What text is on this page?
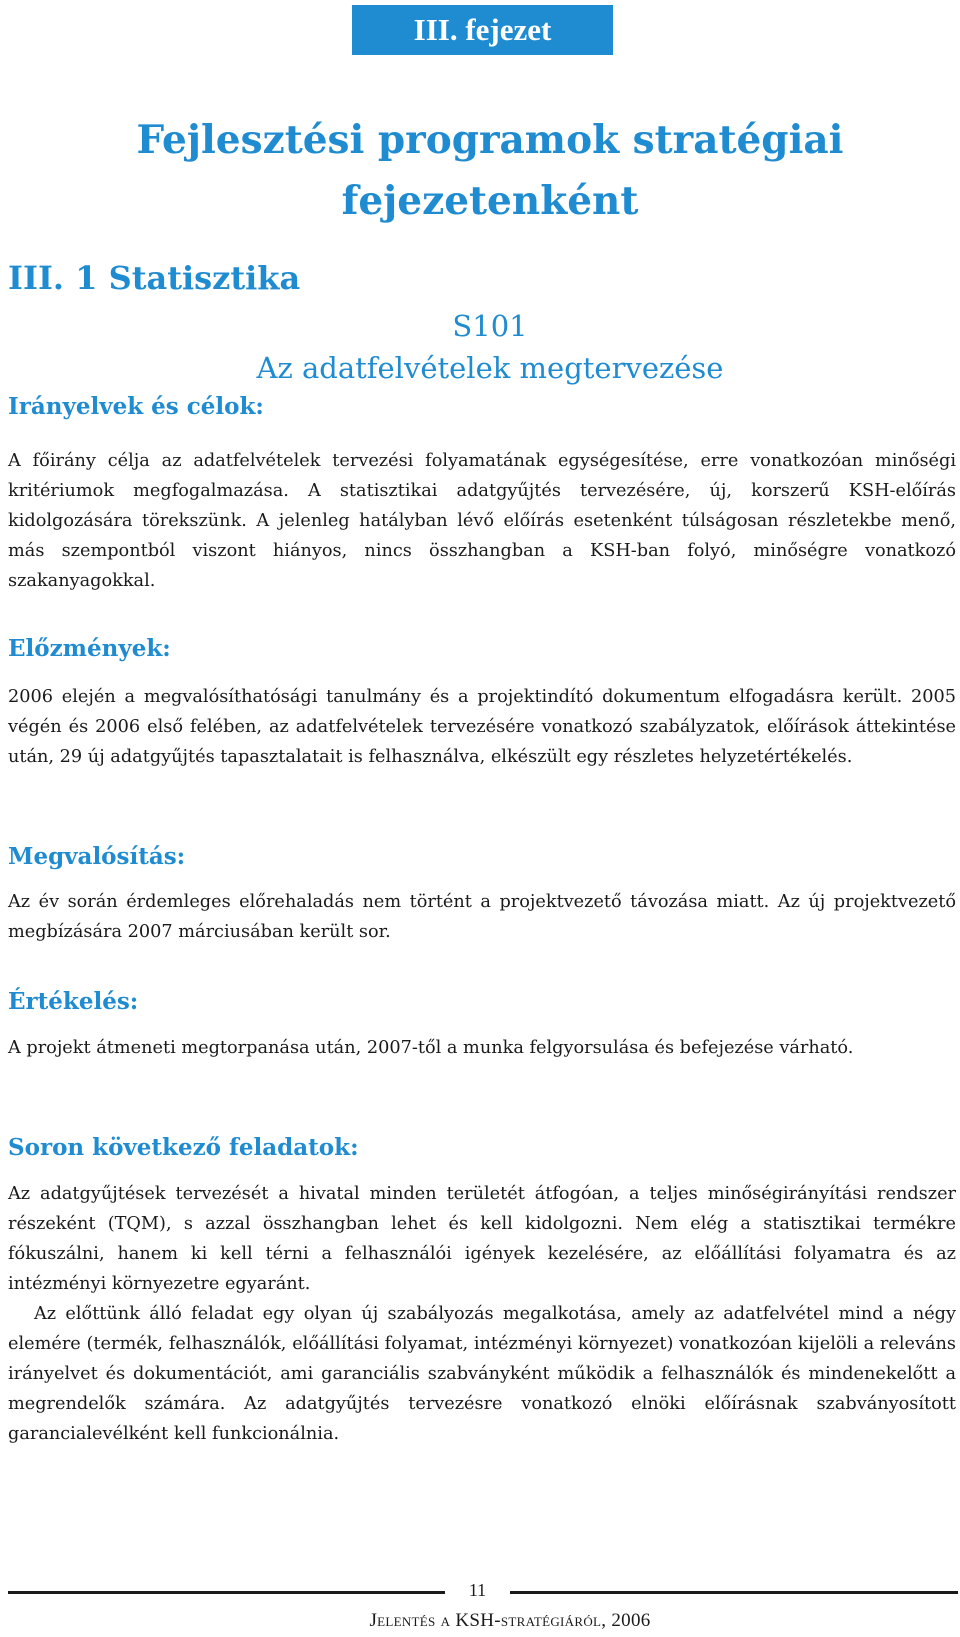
III. fejezet
Fejlesztési programok stratégiai fejezetenként
III. 1 Statisztika
S101
Az adatfelvételek megtervezése
Irányelvek és célok:

A főirány célja az adatfelvételek tervezési folyamatának egységesítése, erre vonatkozóan minőségi kritériumok megfogalmazása. A statisztikai adatgyűjtés tervezésére, új, korszerű KSH-előírás kidolgozására törekszünk. A jelenleg hatályban lévő előírás esetenként túlságosan részletekbe menő, más szempontból viszont hiányos, nincs összhangban a KSH-ban folyó, minőségre vonatkozó szakanyagokkal.

Előzmények:

2006 elején a megvalósíthatósági tanulmány és a projektindító dokumentum elfogadásra került. 2005 végén és 2006 első felében, az adatfelvételek tervezésére vonatkozó szabályzatok, előírások áttekintése után, 29 új adatgyűjtés tapasztalatait is felhasználva, elkészült egy részletes helyzetértékelés.

Megvalósítás:

Az év során érdemleges előrehaladás nem történt a projektvezető távozása miatt. Az új projektvezető megbízására 2007 márciusában került sor.

Értékelés:

A projekt átmeneti megtorpanása után, 2007-től a munka felgyorsulása és befejezése várható.

Soron következő feladatok:

Az adatgyűjtések tervezését a hivatal minden területét átfogóan, a teljes minőségirányítási rendszer részeként (TQM), s azzal összhangban lehet és kell kidolgozni. Nem elég a statisztikai termékre fókuszálni, hanem ki kell térni a felhasználói igények kezelésére, az előállítási folyamatra és az intézményi környezetre egyaránt.

Az előttünk álló feladat egy olyan új szabályozás megalkotása, amely az adatfelvétel mind a négy elemére (termék, felhasználók, előállítási folyamat, intézményi környezet) vonatkozóan kijelöli a releváns irányelvet és dokumentációt, ami garanciális szabványként működik a felhasználók és mindenekelőtt a megrendelők számára. Az adatgyűjtés tervezésre vonatkozó elnöki előírásnak szabványosított garancialevélként kell funkcionálnia.

11
Jelentés a KSH-stratégiáról, 2006
